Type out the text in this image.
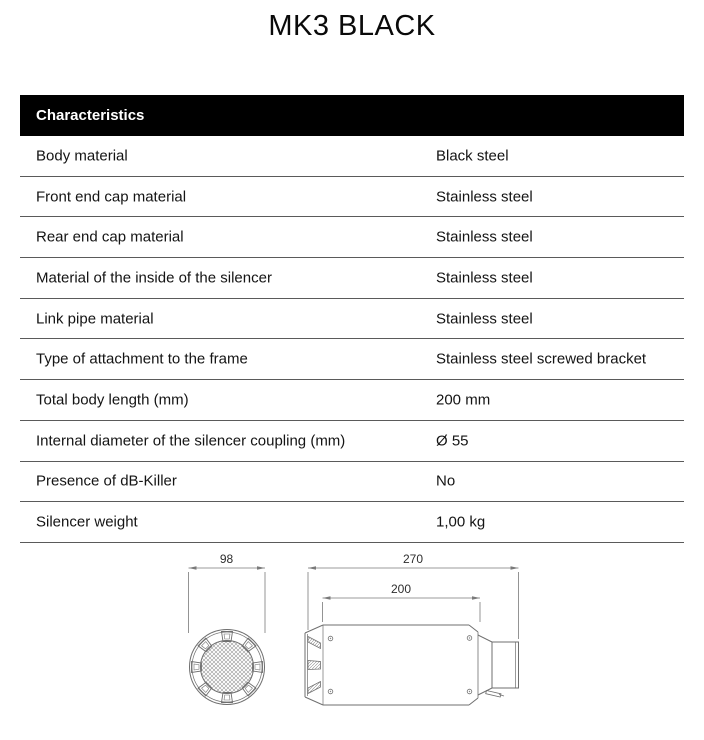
MK3 BLACK
Characteristics
Body material	Black steel
Front end cap material	Stainless steel
Rear end cap material	Stainless steel
Material of the inside of the silencer	Stainless steel
Link pipe material	Stainless steel
Type of attachment to the frame	Stainless steel screwed bracket
Total body length (mm)	200 mm
Internal diameter of the silencer coupling (mm)	Ø 55
Presence of dB-Killer	No
Silencer weight	1,00 kg
98	270
200
